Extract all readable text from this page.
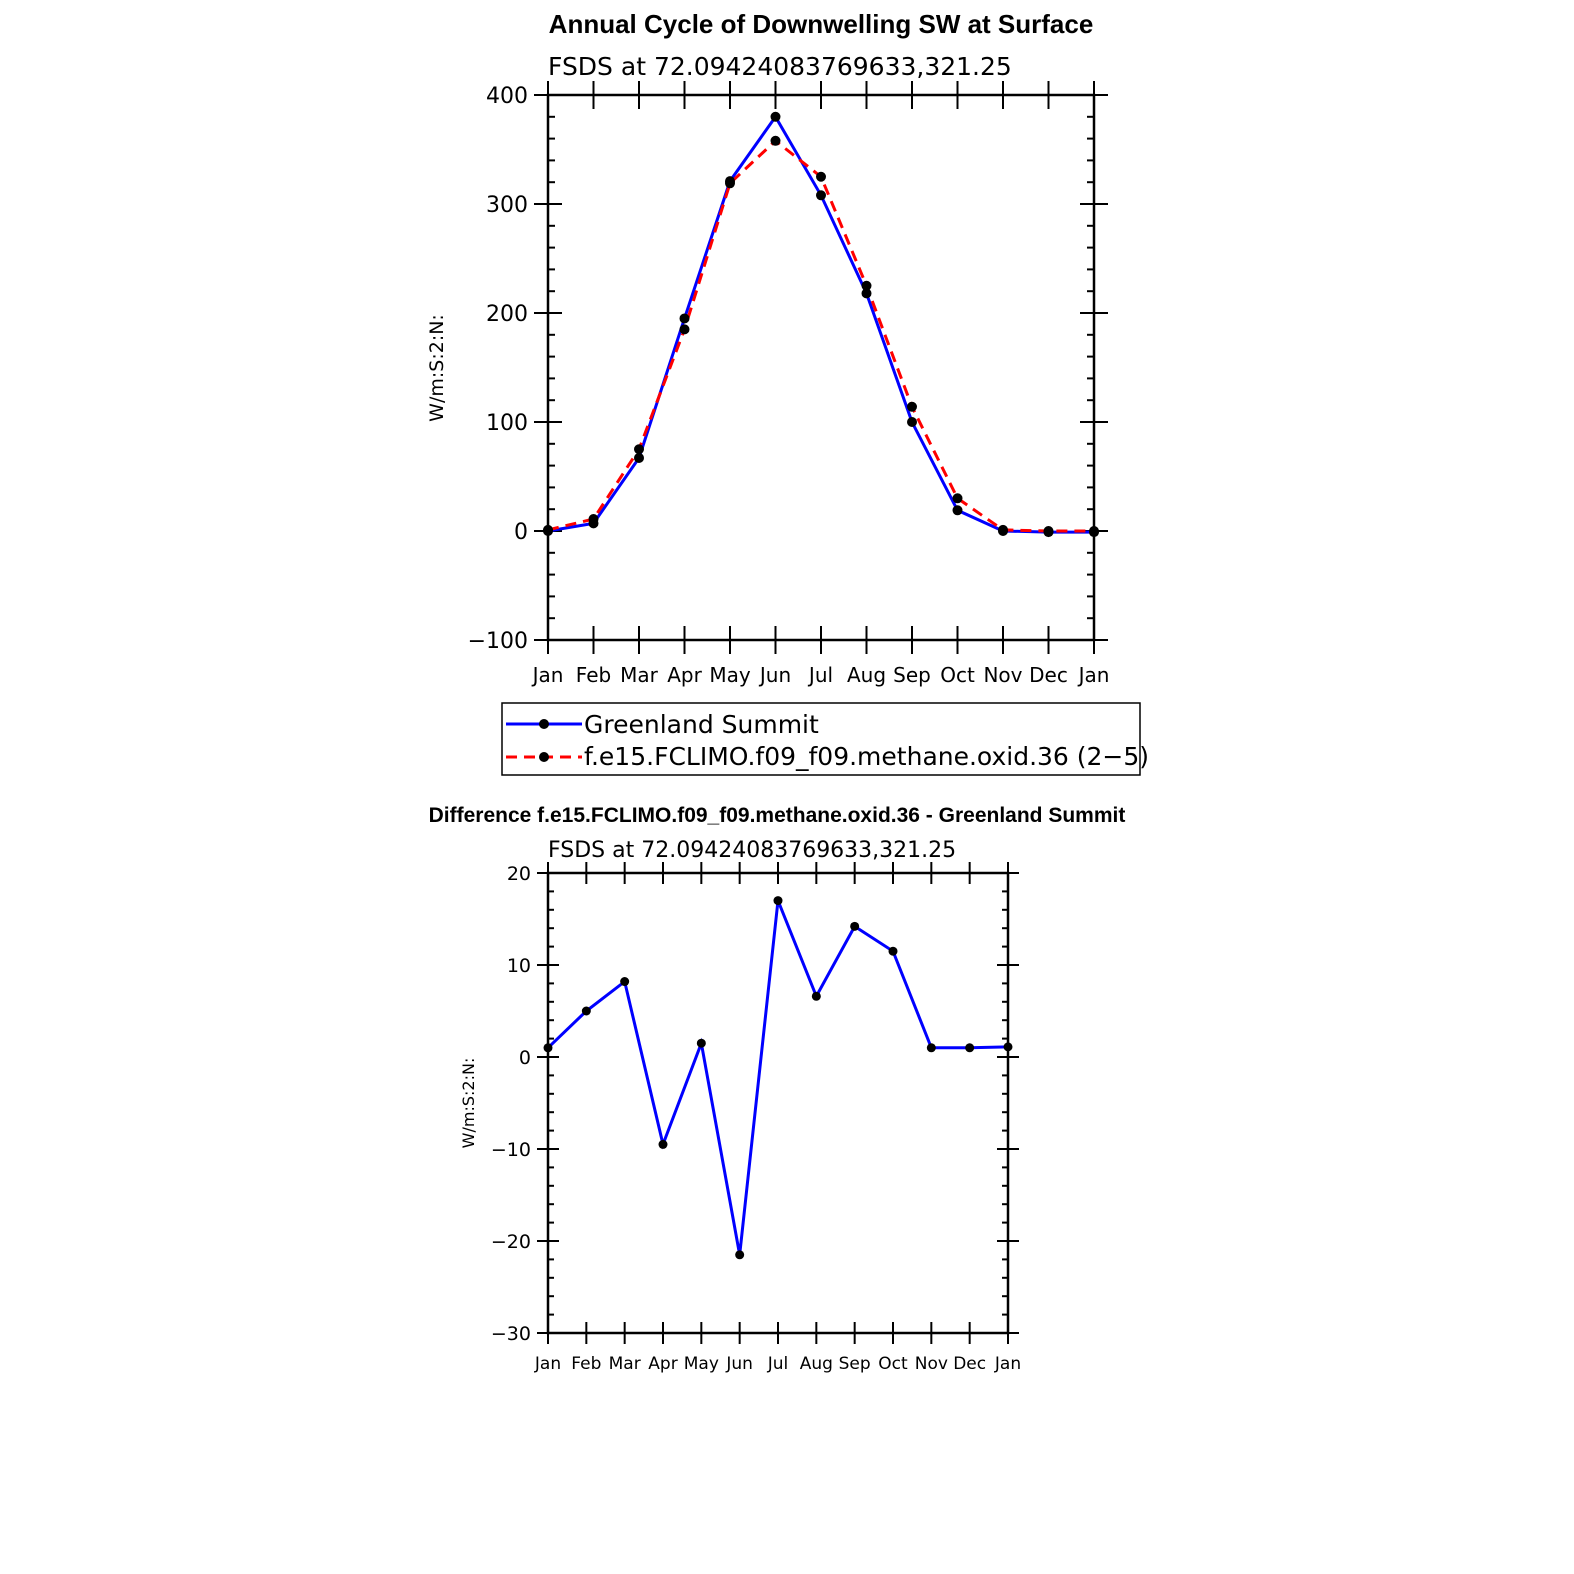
Annual Cycle of Downwelling SW at Surface
FSDS at 72.09424083769633,321.25
W/m:S:2:N:
−100
0
100
200
300
400
Jan Feb Mar Apr May Jun Jul Aug Sep Oct Nov Dec Jan
Greenland Summit
f.e15.FCLIMO.f09_f09.methane.oxid.36 (2−5)
Difference f.e15.FCLIMO.f09_f09.methane.oxid.36 - Greenland Summit
FSDS at 72.09424083769633,321.25
W/m:S:2:N:
−30
−20
−10
0
10
20
Jan Feb Mar Apr May Jun Jul Aug Sep Oct Nov Dec Jan
